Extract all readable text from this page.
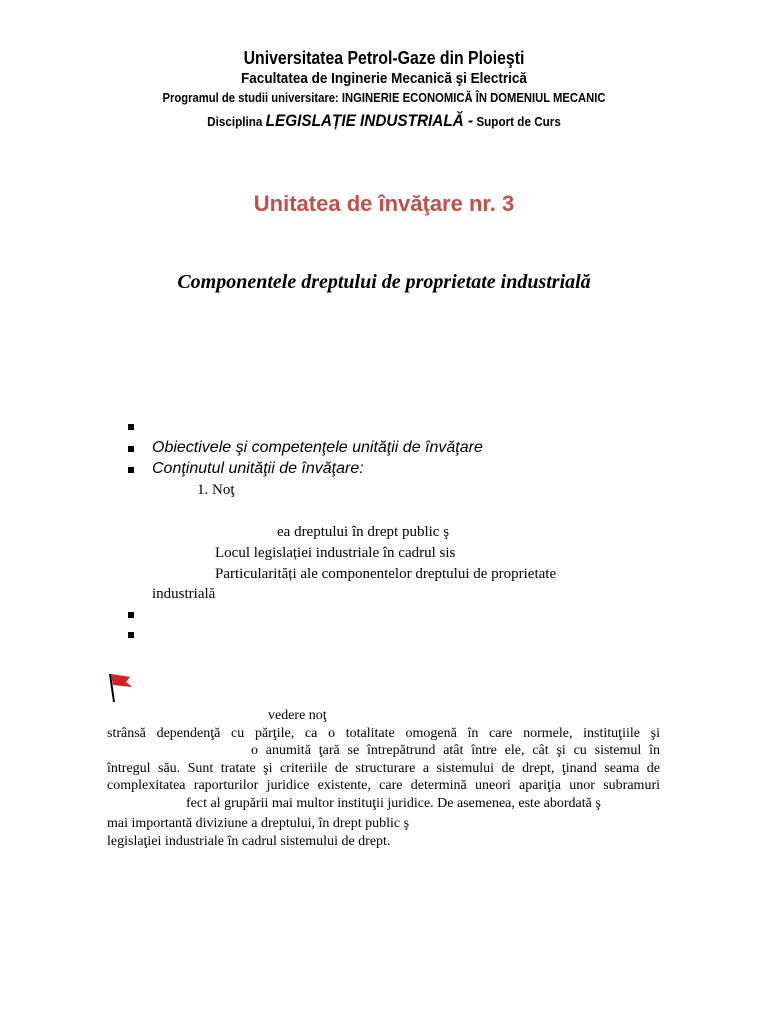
Universitatea Petrol-Gaze din Ploieşti
Facultatea de Inginerie Mecanică şi Electrică
Programul de studii universitare: INGINERIE ECONOMICĂ ÎN DOMENIUL MECANIC
Disciplina LEGISLAȚIE INDUSTRIALĂ - Suport de Curs
Unitatea de învăţare nr. 3
Componentele dreptului de proprietate industrială
Obiectivele şi competenţele unităţii de învăţare
Conţinutul unităţii de învăţare:
1. Noţ
ea dreptului în drept public ş
Locul legislației industriale în cadrul sis
Particularități ale componentelor dreptului de proprietate
industrială
vedere noţ
strânsă dependenţă cu părţile, ca o totalitate omogenă în care normele, instituţiile şi
o anumită ţară se întrepătrund atât între ele, cât şi cu sistemul în
întregul său. Sunt tratate şi criteriile de structurare a sistemului de drept, ţinand seama de
complexitatea raporturilor juridice existente, care determină uneori apariţia unor subramuri
fect al grupării mai multor instituţii juridice. De asemenea, este abordată ş
mai importantă diviziune a dreptului, în drept public ş
legislaţiei industriale în cadrul sistemului de drept.
